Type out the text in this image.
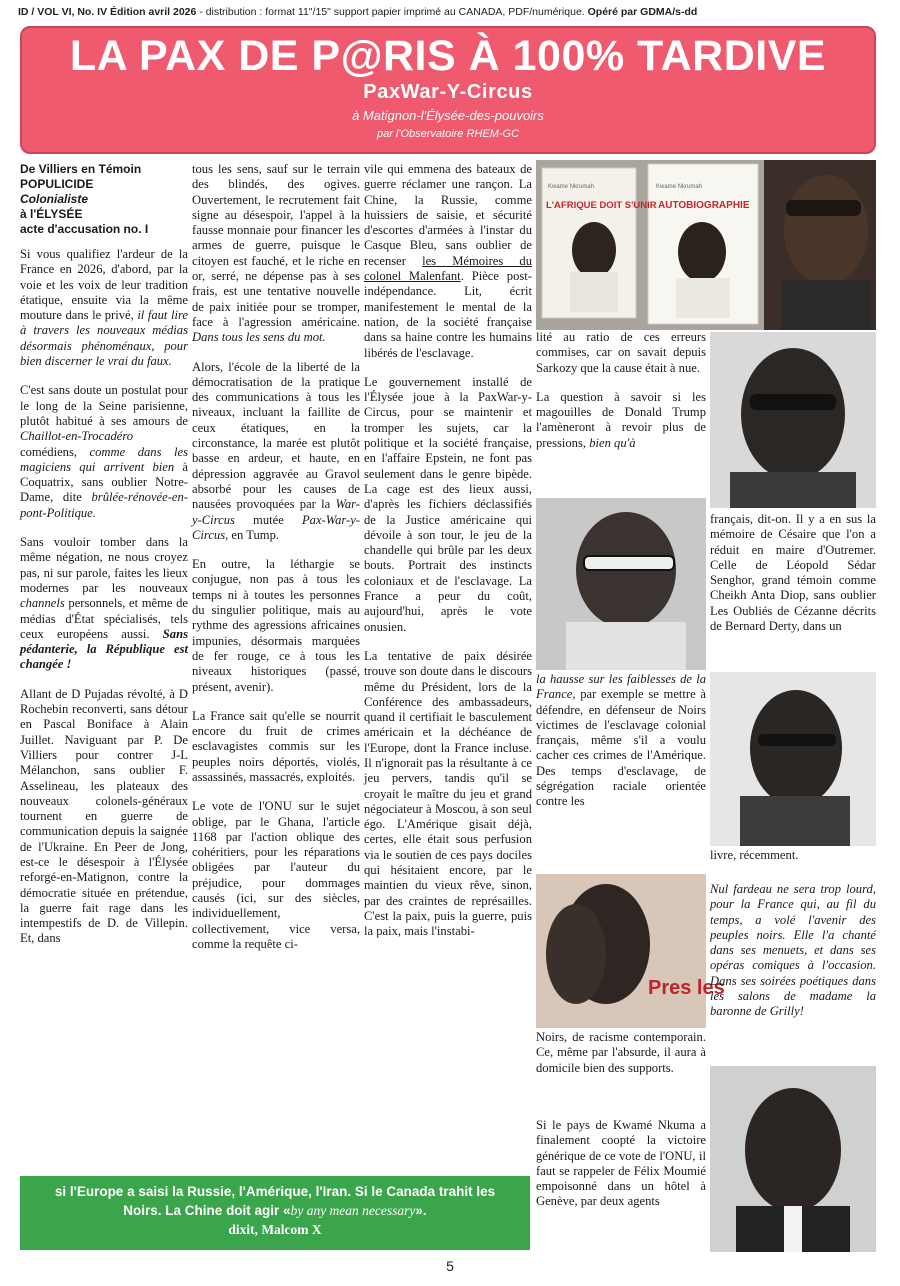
ID / VOL VI, No. IV Édition avril 2026 - distribution : format 11"/15" support papier imprimé au CANADA, PDF/numérique. Opéré par GDMA/s-dd
LA PAX DE P@RIS À 100% TARDIVE
PaxWar-Y-Circus
à Matignon-l'Élysée-des-pouvoirs
par l'Observatoire RHEM-GC
De Villiers en Témoin
POPULICIDE
Colonialiste
à l'ÉLYSÉE
acte d'accusation no. I

Si vous qualifiez l'ardeur de la France en 2026, d'abord, par la voie et les voix de leur tradition étatique, ensuite via la même mouture dans le privé, il faut lire à travers les nouveaux médias désormais phénoménaux, pour bien discerner le vrai du faux.

C'est sans doute un postulat pour le long de la Seine parisienne, plutôt habitué à ses amours de Chaillot-en-Trocadéro comédiens, comme dans les magiciens qui arrivent bien à Coquatrix, sans oublier Notre-Dame, dite brûlée-rénovée-en-pont-Politique.

Sans vouloir tomber dans la même négation, ne nous croyez pas, ni sur parole, faites les lieux modernes par les nouveaux channels personnels, et même de médias d'État spécialisés, tels ceux européens aussi. Sans pédanterie, la République est changée !

Allant de D Pujadas révolté, à D Rochebin reconverti, sans détour en Pascal Boniface à Alain Juillet. Naviguant par P. De Villiers pour contrer J-L Mélanchon, sans oublier F. Asselineau, les plateaux des nouveaux colonels-généraux tournent en guerre de communication depuis la saignée de l'Ukraine. En Peer de Jong, est-ce le désespoir à l'Élysée reforgé-en-Matignon, contre la démocratie située en prétendue, la guerre fait rage dans les intempestifs de D. de Villepin. Et, dans

tous les sens, sauf sur le terrain des blindés, des ogives. Ouvertement, le recrutement fait signe au désespoir, l'appel à la fausse monnaie pour financer les armes de guerre, puisque le citoyen est fauché, et le riche en or, serré, ne dépense pas à ses frais, est une tentative nouvelle de paix initiée pour se tromper, face à l'agression américaine. Dans tous les sens du mot.

Alors, l'école de la liberté de la démocratisation de la pratique des communications à tous les niveaux, incluant la faillite de ceux étatiques, en la circonstance, la marée est plutôt basse en ardeur, et haute, en dépression aggravée au Gravol absorbé pour les causes de nausées provoquées par la War-y-Circus mutée Pax-War-y-Circus, en Tump.

En outre, la léthargie se conjugue, non pas à tous les temps ni à toutes les personnes du singulier politique, mais au rythme des agressions africaines impunies, désormais marquées de fer rouge, ce à tous les niveaux historiques (passé, présent, avenir).

La France sait qu'elle se nourrit encore du fruit de crimes esclavagistes commis sur les peuples noirs déportés, violés, assassinés, massacrés, exploités.

Le vote de l'ONU sur le sujet oblige, par le Ghana, l'article 1168 par l'action oblique des cohéritiers, pour les réparations obligées par l'auteur du préjudice, pour dommages causés (ici, sur des siècles, individuellement, collectivement, vice versa, comme la requête ci-

vile qui emmena des bateaux de guerre réclamer une rançon. La Chine, la Russie, comme huissiers de saisie, et sécurité d'escortes d'armées à l'instar du Casque Bleu, sans oublier de recenser les Mémoires du colonel Malenfant. Pièce post-indépendance. Lit, écrit manifestement le mental de la nation, de la société française dans sa haine contre les humains libérés de l'esclavage.

Le gouvernement installé de l'Élysée joue à la PaxWar-y-Circus, pour se maintenir et tromper les sujets, car la politique et la société française, en l'affaire Epstein, ne font pas seulement dans le genre bipède. La cage est des lieux aussi, d'après les fichiers déclassifiés de la Justice américaine qui dévoile à son tour, le jeu de la chandelle qui brûle par les deux bouts. Portrait des instincts coloniaux et de l'esclavage. La France a peur du coût, aujourd'hui, après le vote onusien.

La tentative de paix désirée trouve son doute dans le discours même du Président, lors de la Conférence des ambassadeurs, quand il certifiait le basculement américain et la déchéance de l'Europe, dont la France incluse. Il n'ignorait pas la résultante à ce jeu pervers, tandis qu'il se croyait le maître du jeu et grand négociateur à Moscou, à son seul égo. L'Amérique gisait déjà, certes, elle était sous perfusion via le soutien de ces pays dociles qui hésitaient encore, par le maintien du vieux rêve, sinon, par des craintes de représailles. C'est la paix, puis la guerre, puis la paix, mais l'instabi-

Kwame Nkrumah
L'AFRIQUE DOIT S'UNIR
Kwame Nkrumah
AUTOBIOGRAPHIE

lité au ratio de ces erreurs commises, car on savait depuis Sarkozy que la cause était à nue.

La question à savoir si les magouilles de Donald Trump l'amèneront à revoir plus de pressions, bien qu'à

français, dit-on. Il y a en sus la mémoire de Césaire que l'on a réduit en maire d'Outremer. Celle de Léopold Sédar Senghor, grand témoin comme Cheikh Anta Diop, sans oublier Les Oubliés de Cézanne décrits de Bernard Derty, dans un

la hausse sur les faiblesses de la France, par exemple se mettre à défendre, en défenseur de Noirs victimes de l'esclavage colonial français, même s'il a voulu cacher ces crimes de l'Amérique. Des temps d'esclavage, de ségrégation raciale orientée contre les

livre, récemment.

Pres les

Nul fardeau ne sera trop lourd, pour la France qui, au fil du temps, a volé l'avenir des peuples noirs. Elle l'a chanté dans ses menuets, et dans ses opéras comiques à l'occasion. Dans ses soirées poétiques dans les salons de madame la baronne de Grilly!

Noirs, de racisme contemporain. Ce, même par l'absurde, il aura à domicile bien des supports.

Si le pays de Kwamé Nkuma a finalement coopté la victoire générique de ce vote de l'ONU, il faut se rappeler de Félix Moumié empoisonné dans un hôtel à Genève, par deux agents

si l'Europe a saisi la Russie, l'Amérique, l'Iran. Si le Canada trahit les
Noirs. La Chine doit agir «by any mean necessary».
dixit, Malcom X
5
